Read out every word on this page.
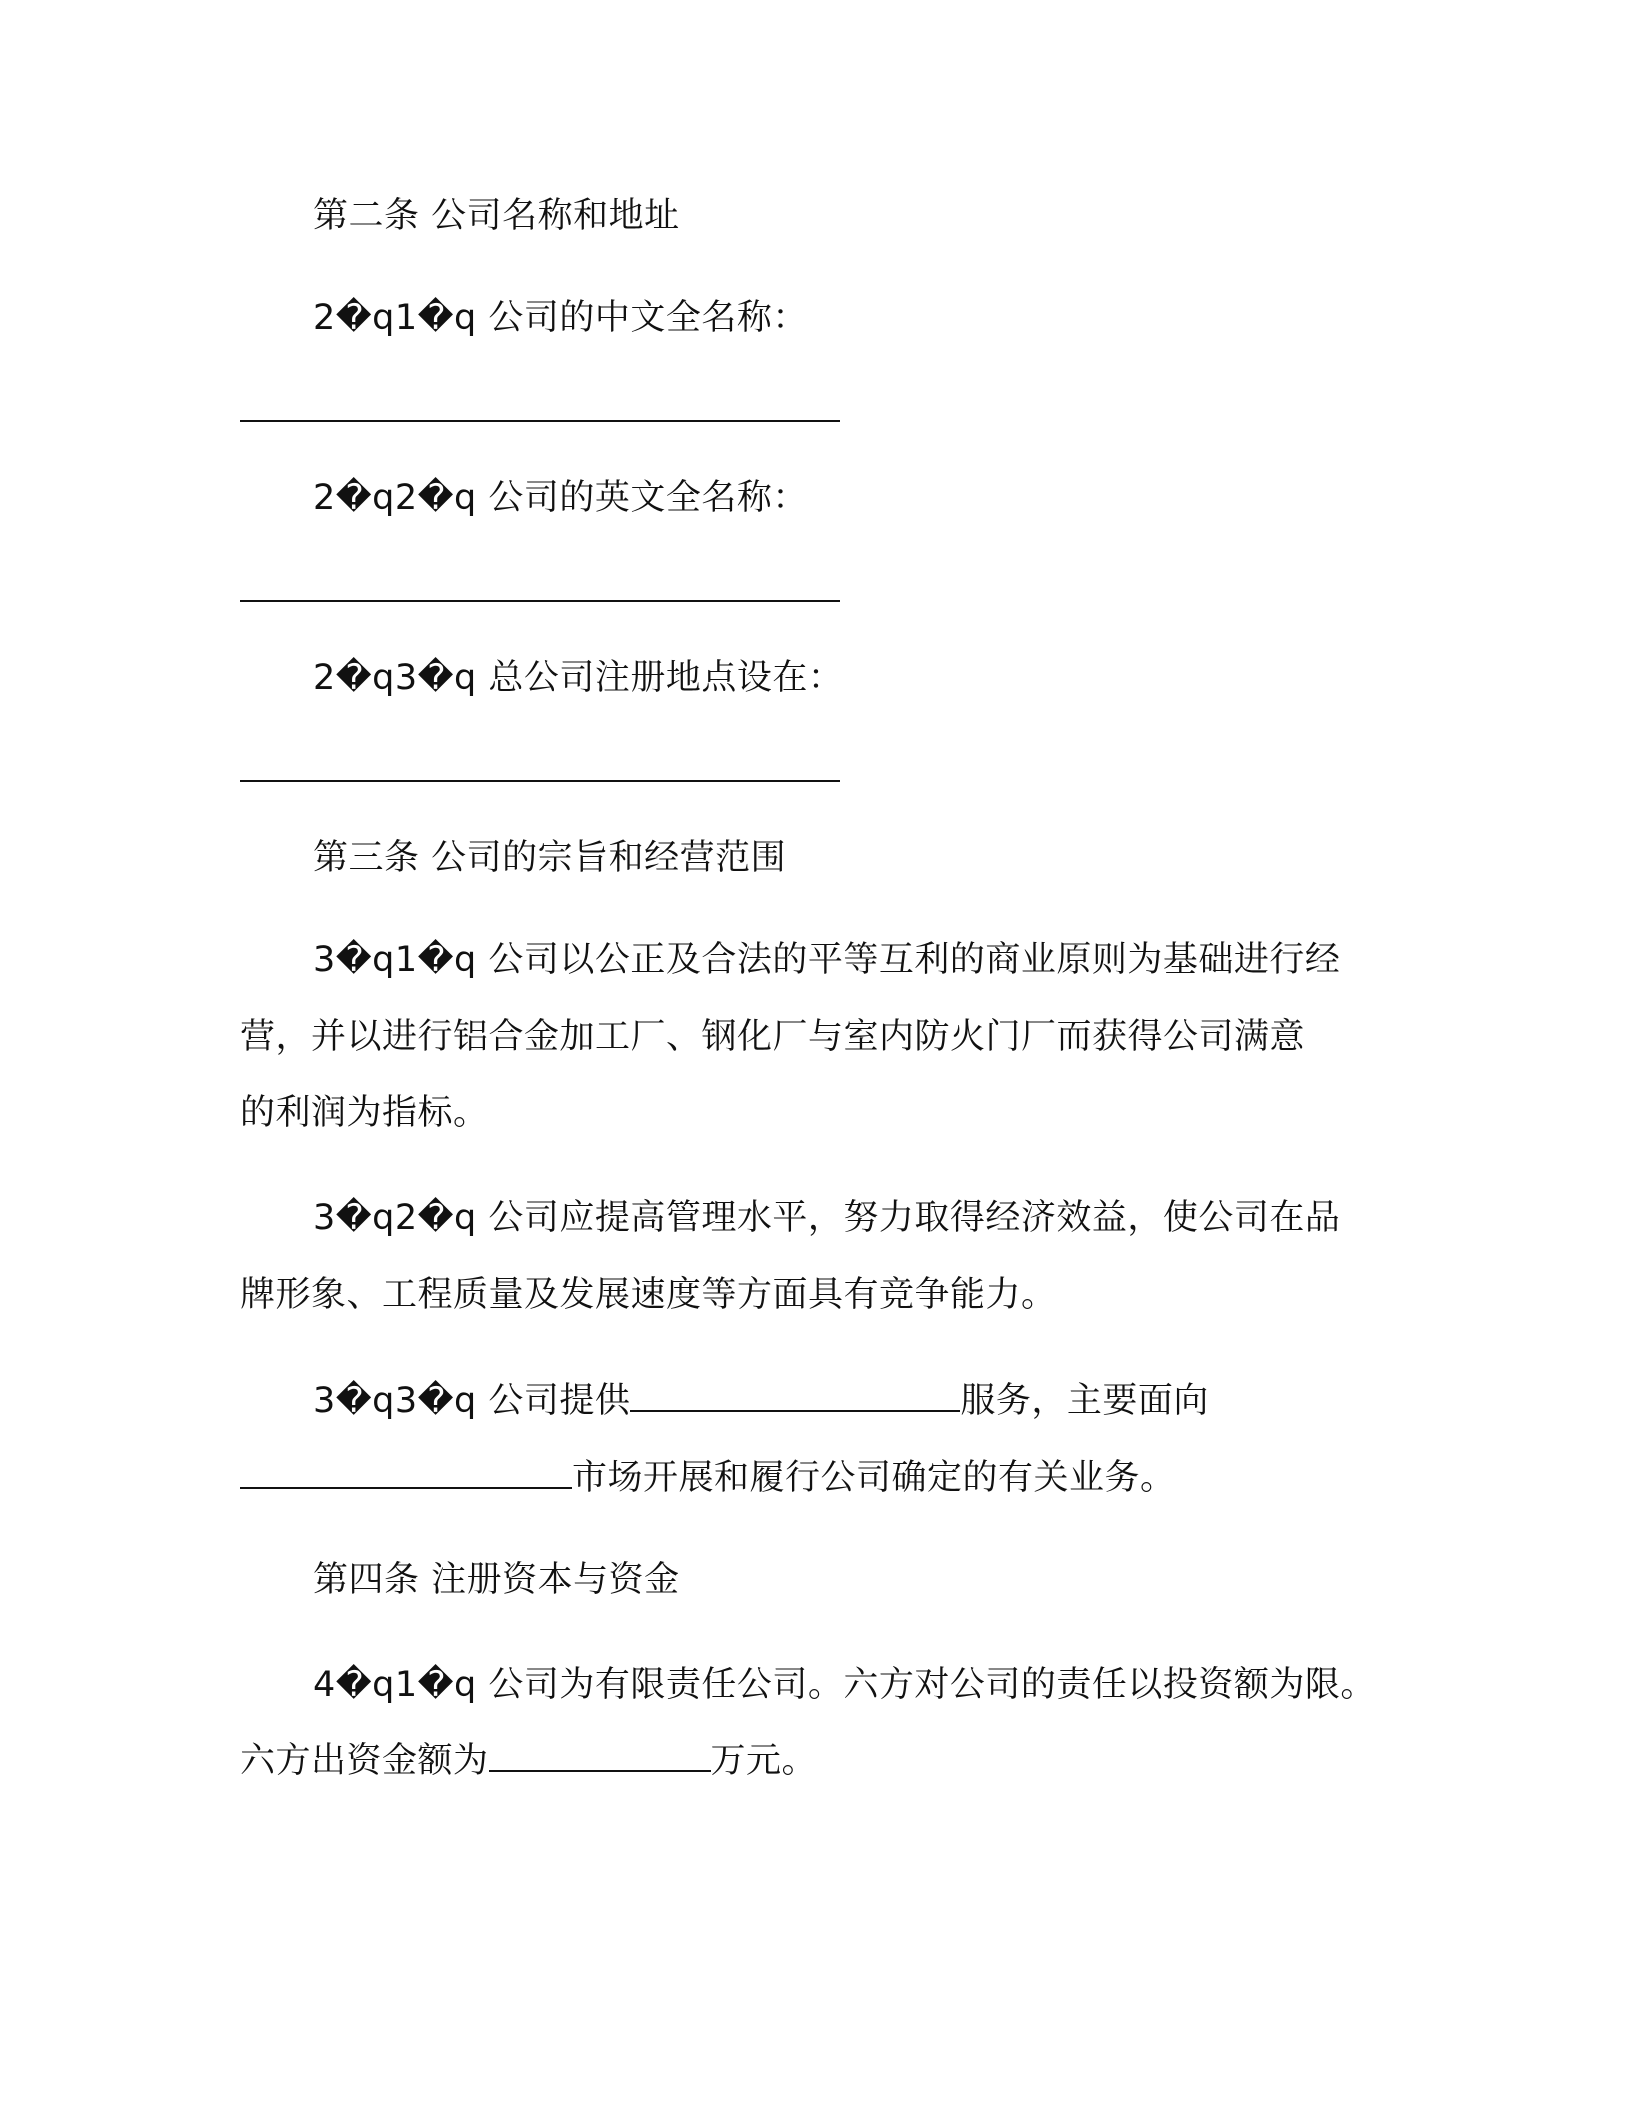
第二条 公司名称和地址
2�q1�q 公司的中文全名称：
2�q2�q 公司的英文全名称：
2�q3�q 总公司注册地点设在：
第三条 公司的宗旨和经营范围
3�q1�q 公司以公正及合法的平等互利的商业原则为基础进行经
营，并以进行铝合金加工厂、钢化厂与室内防火门厂而获得公司满意
的利润为指标。
3�q2�q 公司应提高管理水平，努力取得经济效益，使公司在品
牌形象、工程质量及发展速度等方面具有竞争能力。
3�q3�q 公司提供	服务，主要面向
市场开展和履行公司确定的有关业务。
第四条 注册资本与资金
4�q1�q 公司为有限责任公司。六方对公司的责任以投资额为限。
六方出资金额为	万元。
